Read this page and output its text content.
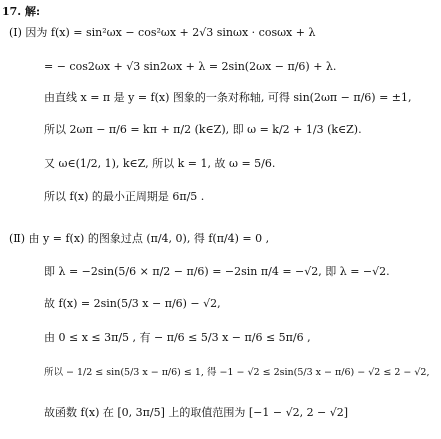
17. 解:
(Ⅰ) 因为 f(x) = sin²ωx − cos²ωx + 2√3 sinωx · cosωx + λ
= − cos2ωx + √3 sin2ωx + λ = 2sin(2ωx − π/6) + λ.
由直线 x = π 是 y = f(x) 图象的一条对称轴, 可得 sin(2ωπ − π/6) = ±1,
所以 2ωπ − π/6 = kπ + π/2 (k∈Z), 即 ω = k/2 + 1/3 (k∈Z).
又 ω∈(1/2, 1), k∈Z, 所以 k = 1, 故 ω = 5/6.
所以 f(x) 的最小正周期是 6π/5 .
(Ⅱ) 由 y = f(x) 的图象过点 (π/4, 0), 得 f(π/4) = 0 ,
即 λ = −2sin(5/6 × π/2 − π/6) = −2sin π/4 = −√2, 即 λ = −√2.
故 f(x) = 2sin(5/3 x − π/6) − √2,
由 0 ≤ x ≤ 3π/5 , 有 − π/6 ≤ 5/3 x − π/6 ≤ 5π/6 ,
所以 − 1/2 ≤ sin(5/3 x − π/6) ≤ 1, 得 −1 − √2 ≤ 2sin(5/3 x − π/6) − √2 ≤ 2 − √2,
故函数 f(x) 在 [0, 3π/5] 上的取值范围为 [−1 − √2, 2 − √2]
